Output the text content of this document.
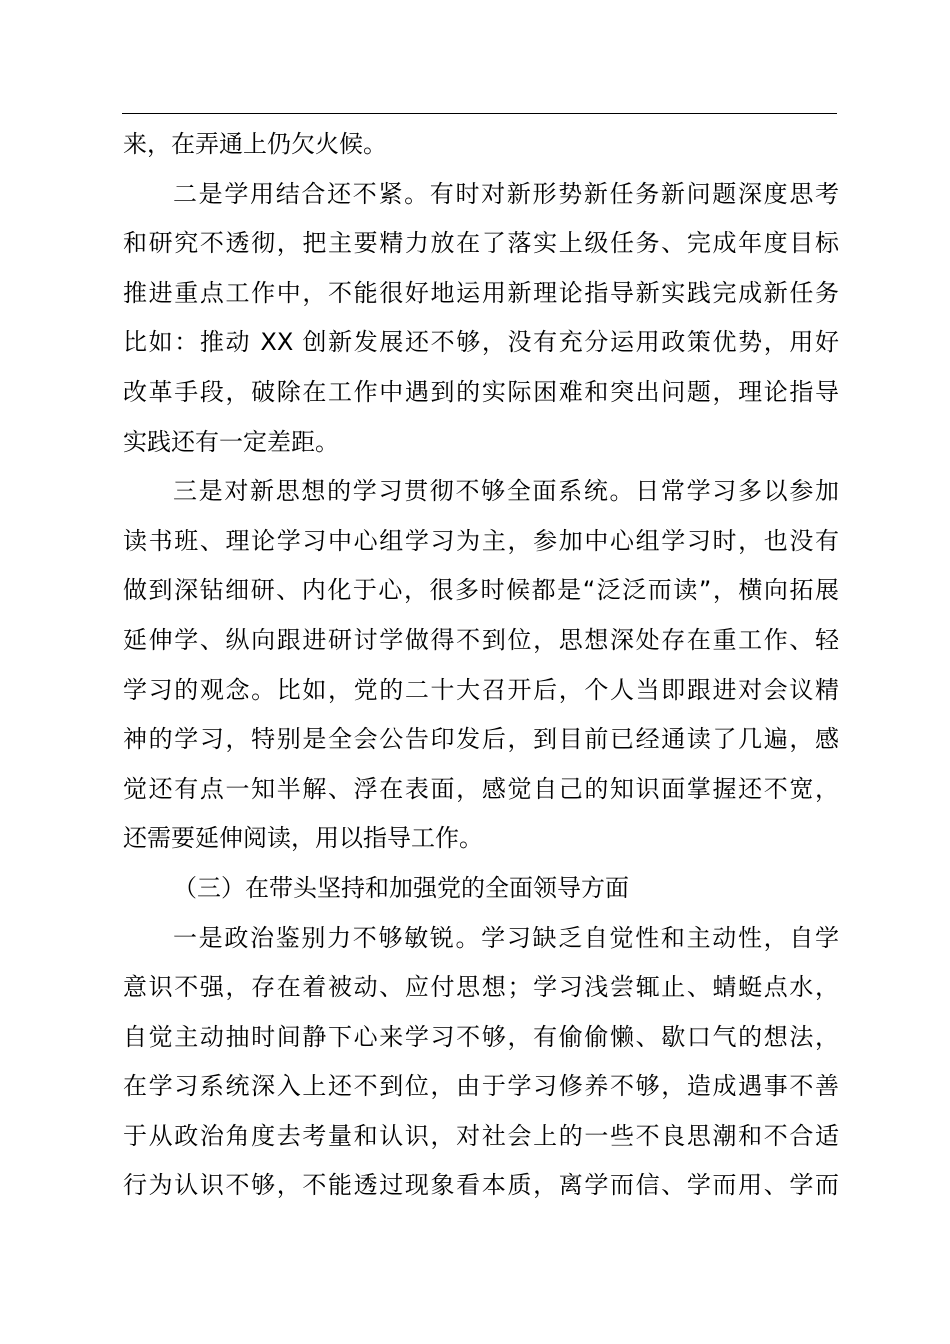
来，在弄通上仍欠火候。
二是学用结合还不紧。有时对新形势新任务新问题深度思考
和研究不透彻，把主要精力放在了落实上级任务、完成年度目标
推进重点工作中，不能很好地运用新理论指导新实践完成新任务
比如：推动 XX 创新发展还不够，没有充分运用政策优势，用好
改革手段，破除在工作中遇到的实际困难和突出问题，理论指导
实践还有一定差距。
三是对新思想的学习贯彻不够全面系统。日常学习多以参加
读书班、理论学习中心组学习为主，参加中心组学习时，也没有
做到深钻细研、内化于心，很多时候都是“泛泛而读”，横向拓展
延伸学、纵向跟进研讨学做得不到位，思想深处存在重工作、轻
学习的观念。比如，党的二十大召开后，个人当即跟进对会议精
神的学习，特别是全会公告印发后，到目前已经通读了几遍，感
觉还有点一知半解、浮在表面，感觉自己的知识面掌握还不宽，
还需要延伸阅读，用以指导工作。
（三）在带头坚持和加强党的全面领导方面
一是政治鉴别力不够敏锐。学习缺乏自觉性和主动性，自学
意识不强，存在着被动、应付思想；学习浅尝辄止、蜻蜓点水，
自觉主动抽时间静下心来学习不够，有偷偷懒、歇口气的想法，
在学习系统深入上还不到位，由于学习修养不够，造成遇事不善
于从政治角度去考量和认识，对社会上的一些不良思潮和不合适
行为认识不够，不能透过现象看本质，离学而信、学而用、学而
